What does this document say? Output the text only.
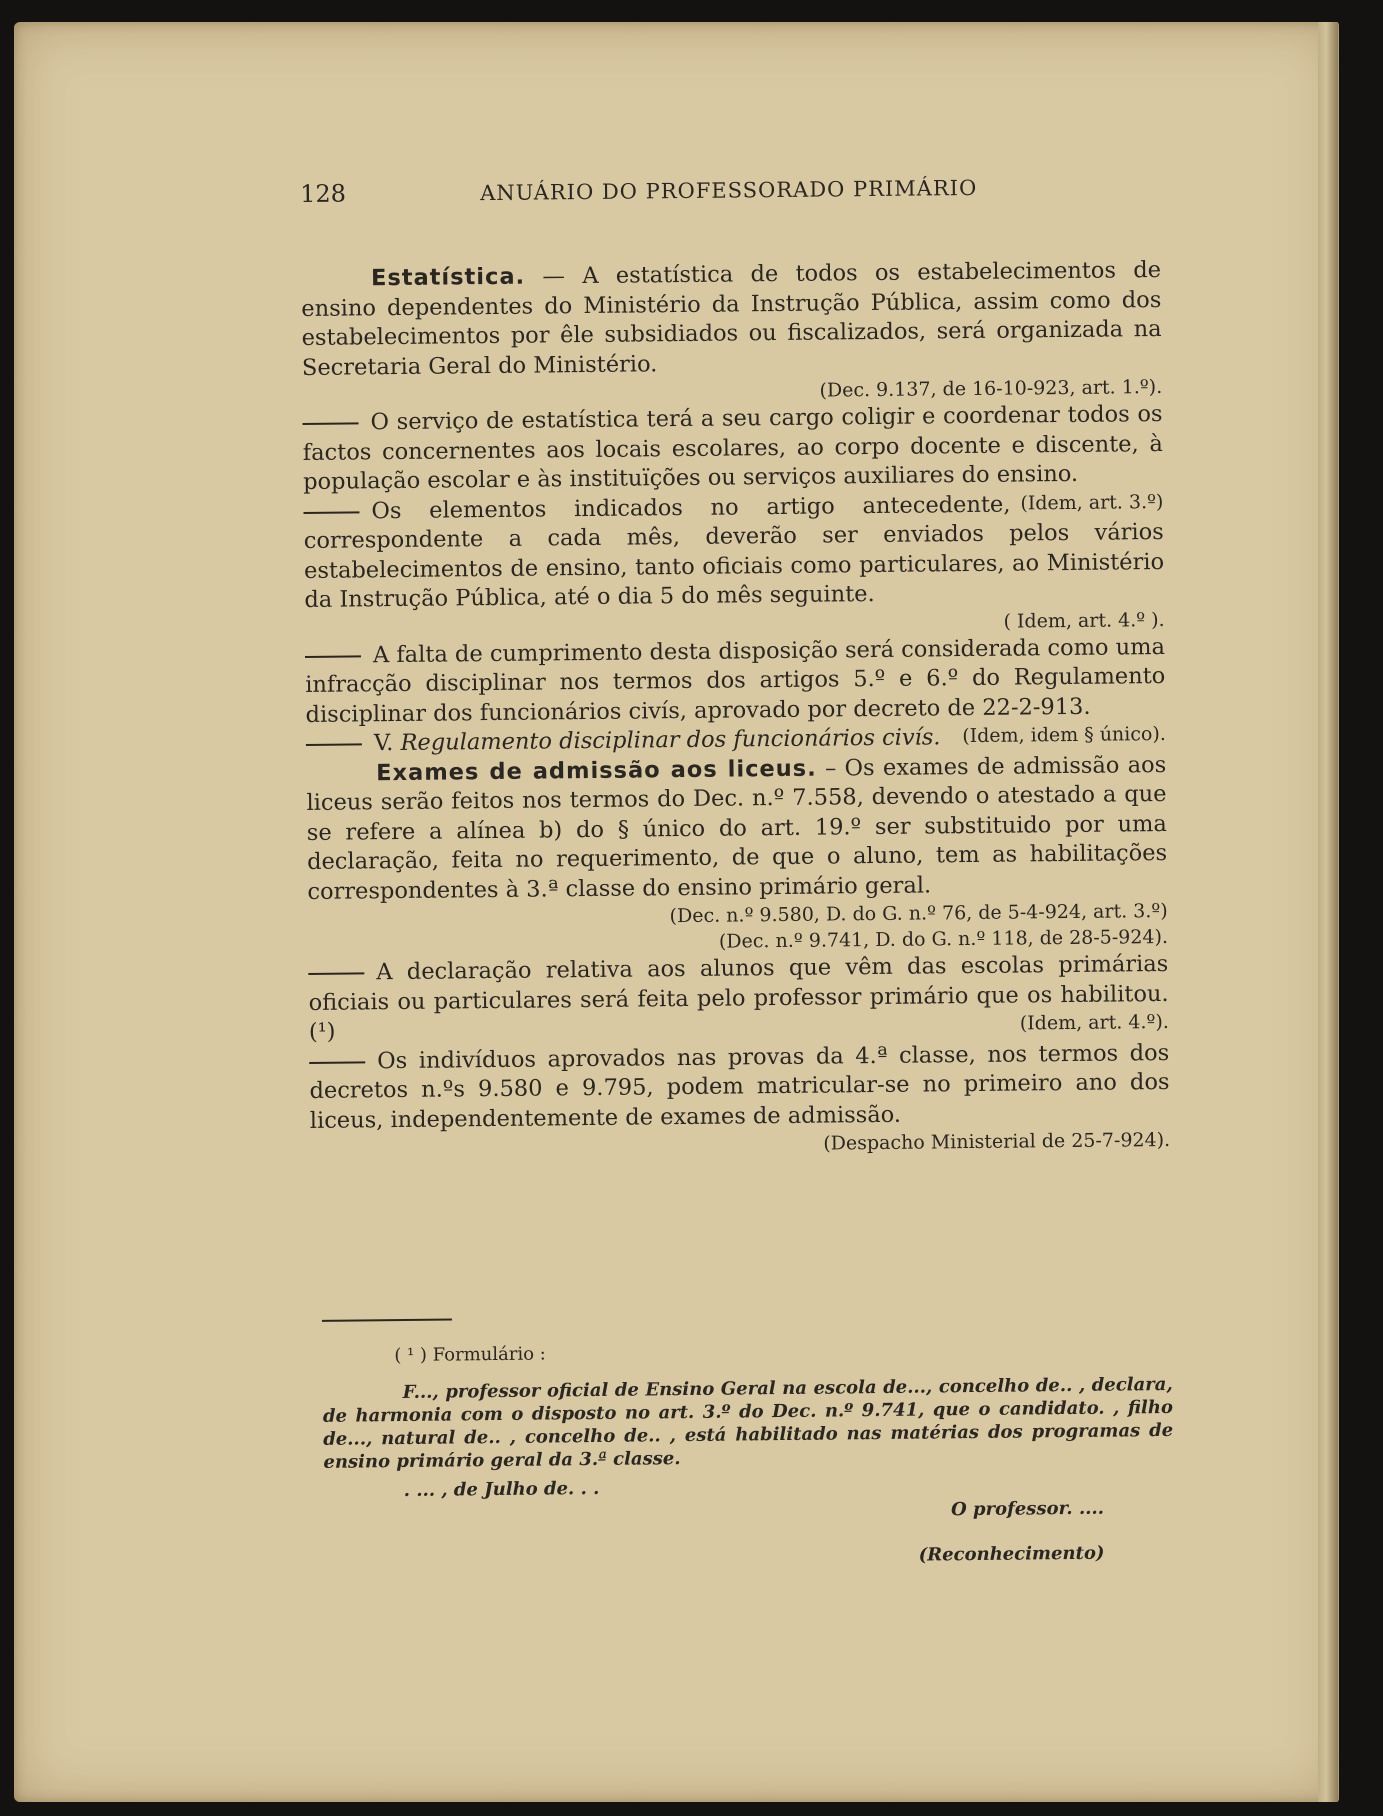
128	ANUÁRIO DO PROFESSORADO PRIMÁRIO

Estatística. — A estatística de todos os estabelecimentos de ensino dependentes do Ministério da Instrução Pública, assim como dos estabelecimentos por êle subsidiados ou fiscalizados, será organizada na Secretaria Geral do Ministério.

(Dec. 9.137, de 16-10-923, art. 1.º).

O serviço de estatística terá a seu cargo coligir e coordenar todos os factos concernentes aos locais escolares, ao corpo docente e discente, à população escolar e às instituïções ou serviços auxiliares do ensino.
(Idem, art. 3.º)

Os elementos indicados no artigo antecedente, correspondente a cada mês, deverão ser enviados pelos vários estabelecimentos de ensino, tanto oficiais como particulares, ao Ministério da Instrução Pública, até o dia 5 do mês seguinte.

( Idem, art. 4.º ).

A falta de cumprimento desta disposição será considerada como uma infracção disciplinar nos termos dos artigos 5.º e 6.º do Regulamento disciplinar dos funcionários civís, aprovado por decreto de 22-2-913.
(Idem, idem § único).

V. Regulamento disciplinar dos funcionários civís.

Exames de admissão aos liceus. – Os exames de admissão aos liceus serão feitos nos termos do Dec. n.º 7.558, devendo o atestado a que se refere a alínea b) do § único do art. 19.º ser substituido por uma declaração, feita no requerimento, de que o aluno, tem as habilitações correspondentes à 3.ª classe do ensino primário geral.

(Dec. n.º 9.580, D. do G. n.º 76, de 5-4-924, art. 3.º)

(Dec. n.º 9.741, D. do G. n.º 118, de 28-5-924).

A declaração relativa aos alunos que vêm das escolas primárias oficiais ou particulares será feita pelo professor primário que os habilitou. (¹)	(Idem, art. 4.º).

Os indivíduos aprovados nas provas da 4.ª classe, nos termos dos decretos n.ºs 9.580 e 9.795, podem matricular-se no primeiro ano dos liceus, independentemente de exames de admissão.

(Despacho Ministerial de 25-7-924).

( ¹ ) Formulário :

F..., professor oficial de Ensino Geral na escola de..., concelho de.. , declara, de harmonia com o disposto no art. 3.º do Dec. n.º 9.741, que o candidato. , filho de..., natural de.. , concelho de.. , está habilitado nas matérias dos programas de ensino primário geral da 3.ª classe.

. ... , de Julho de. . .

O professor. ....

(Reconhecimento)
